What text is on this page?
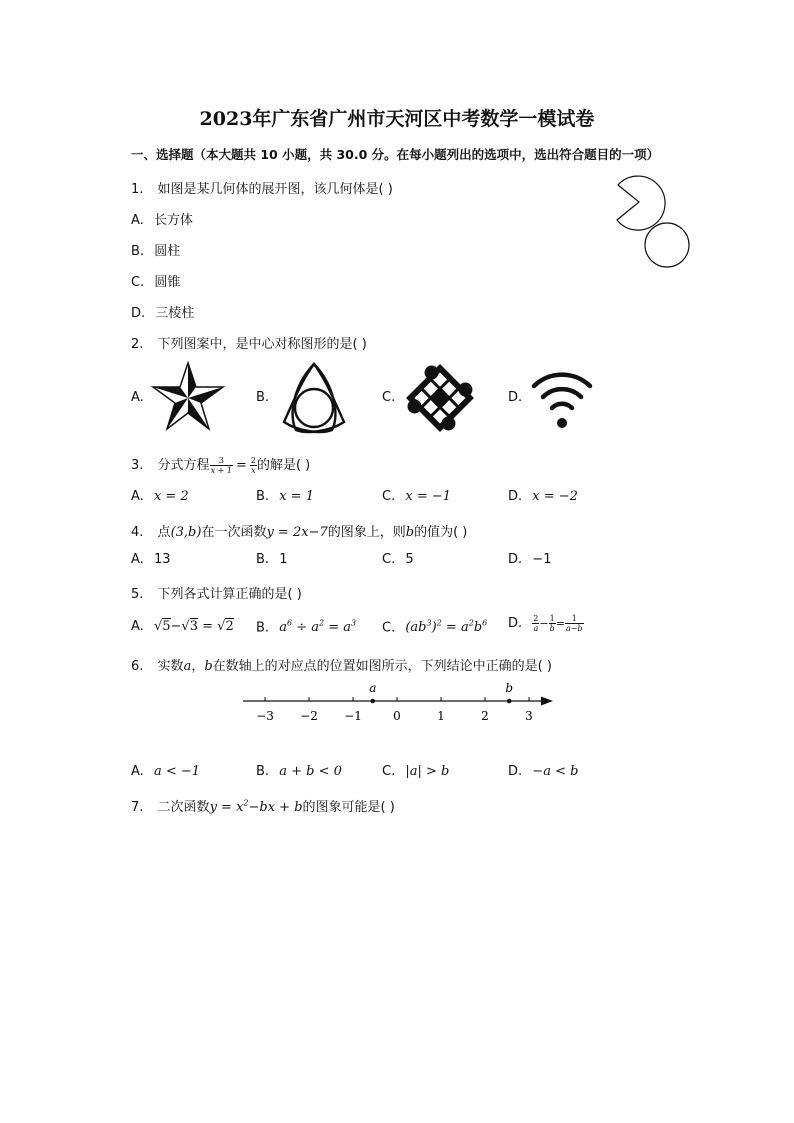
2023年广东省广州市天河区中考数学一模试卷
一、选择题（本大题共 10 小题，共 30.0 分。在每小题列出的选项中，选出符合题目的一项）
1. 如图是某几何体的展开图，该几何体是( )
A. 长方体
B. 圆柱
C. 圆锥
D. 三棱柱
2. 下列图案中，是中心对称图形的是( )
A.	B.	C.	D.
3. 分式方程 $\frac{3}{x + 1} = \frac{2}{x}$ 的解是( )
A. x = 2	B. x = 1	C. x = −1	D. x = −2
4. 点(3,b)在一次函数y = 2x−7的图象上，则b的值为( )
A. 13	B. 1	C. 5	D. −1
5. 下列各式计算正确的是( )
A. √5−√3 = √2 B. $a^6 \div a^2 = a^3$ C. $(ab^3)^2 = a^2b^6$ D. $\frac{2}{a} - \frac{1}{b} = \frac{1}{a-b}$
6. 实数a，b在数轴上的对应点的位置如图所示，下列结论中正确的是( )
−3 −2 −1	0	1	2	3
a	b
A. a < −1	B. a + b < 0	C. |a| > b	D. −a < b
7. 二次函数$y = x^2-bx + b$的图象可能是( )
